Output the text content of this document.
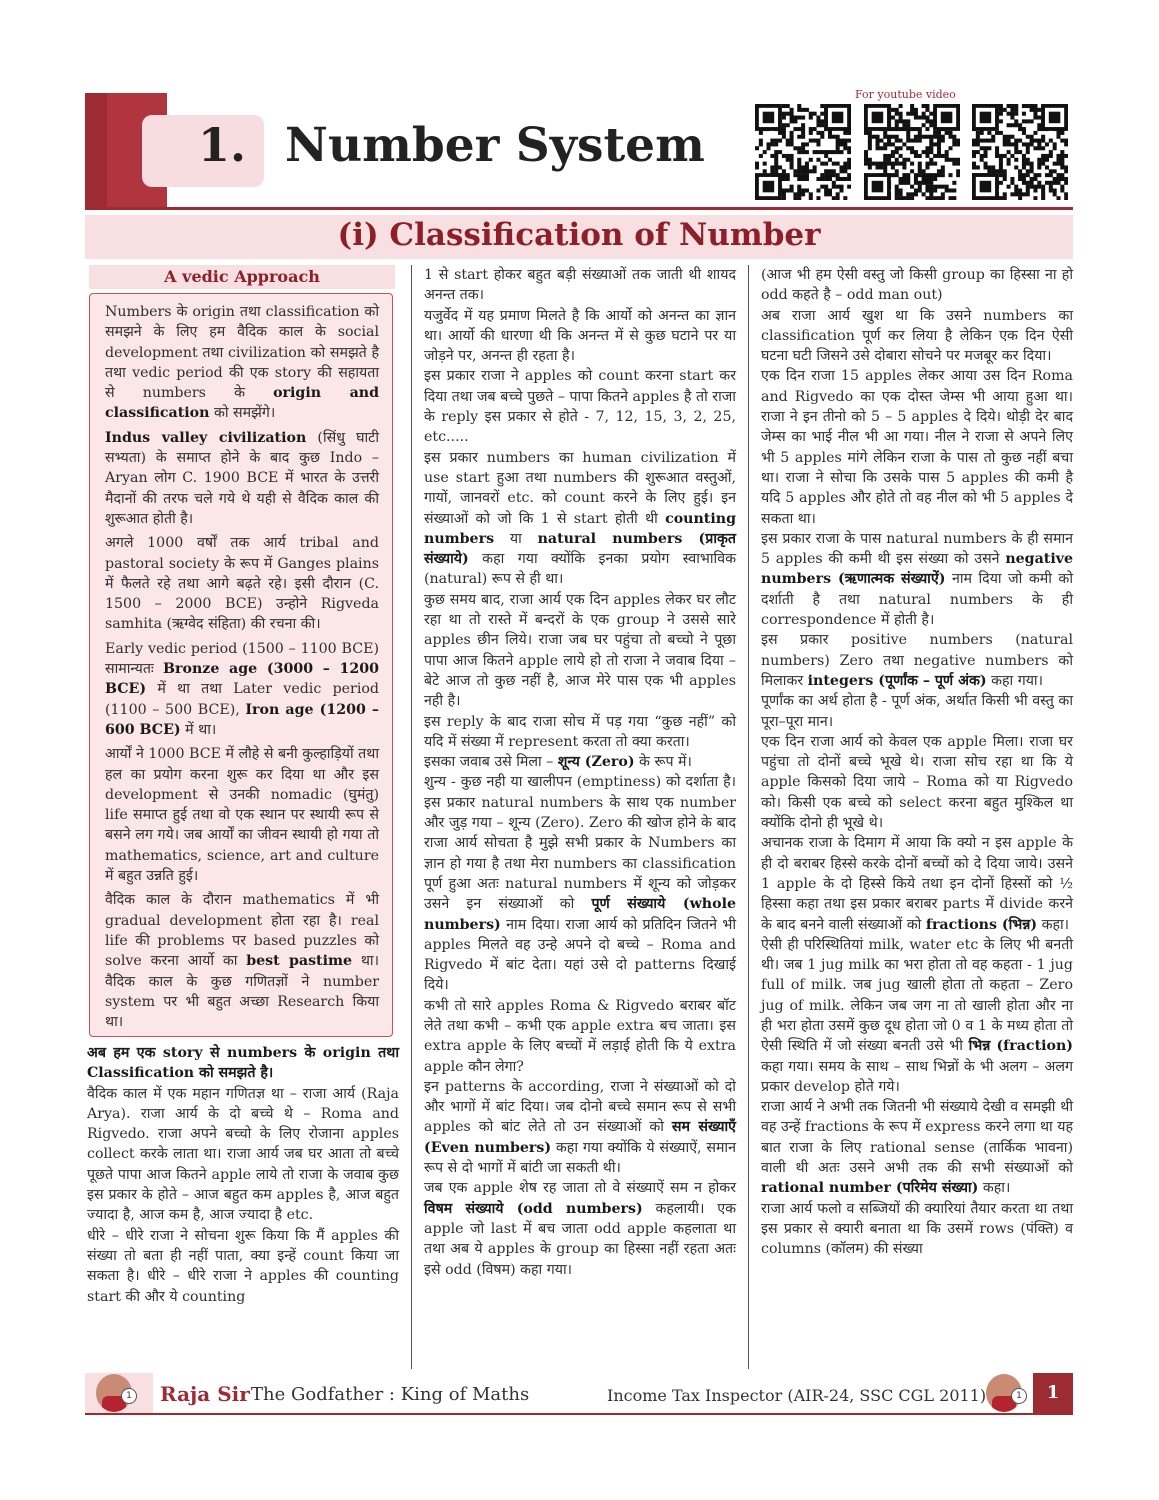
1. Number System
For youtube video
(i) Classification of Number
A vedic Approach

Numbers के origin तथा classification को समझने के लिए हम वैदिक काल के social development तथा civilization को समझते है तथा vedic period की एक story की सहायता से numbers के origin and classification को समझेंगे।

Indus valley civilization (सिंधु घाटी सभ्यता) के समाप्त होने के बाद कुछ Indo – Aryan लोग C. 1900 BCE में भारत के उत्तरी मैदानों की तरफ चले गये थे यही से वैदिक काल की शुरूआत होती है।

अगले 1000 वर्षों तक आर्य tribal and pastoral society के रूप में Ganges plains में फैलते रहे तथा आगे बढ़ते रहे। इसी दौरान (C. 1500 – 2000 BCE) उन्होने Rigveda samhita (ऋग्वेद संहिता) की रचना की।

Early vedic period (1500 – 1100 BCE) सामान्यतः Bronze age (3000 – 1200 BCE) में था तथा Later vedic period (1100 – 500 BCE), Iron age (1200 – 600 BCE) में था।

आर्यों ने 1000 BCE में लौहे से बनी कुल्हाड़ियों तथा हल का प्रयोग करना शुरू कर दिया था और इस development से उनकी nomadic (घुमंतु) life समाप्त हुई तथा वो एक स्थान पर स्थायी रूप से बसने लग गये। जब आर्यों का जीवन स्थायी हो गया तो mathematics, science, art and culture में बहुत उन्नति हुई।

वैदिक काल के दौरान mathematics में भी gradual development होता रहा है। real life की problems पर based puzzles को solve करना आर्यो का best pastime था। वैदिक काल के कुछ गणितज्ञों ने number system पर भी बहुत अच्छा Research किया था।

अब हम एक story से numbers के origin तथा Classification को समझते है।

वैदिक काल में एक महान गणितज्ञ था – राजा आर्य (Raja Arya). राजा आर्य के दो बच्चे थे – Roma and Rigvedo. राजा अपने बच्चो के लिए रोजाना apples collect करके लाता था। राजा आर्य जब घर आता तो बच्चे पूछते पापा आज कितने apple लाये तो राजा के जवाब कुछ इस प्रकार के होते – आज बहुत कम apples है, आज बहुत ज्यादा है, आज कम है, आज ज्यादा है etc.

धीरे – धीरे राजा ने सोचना शुरू किया कि मैं apples की संख्या तो बता ही नहीं पाता, क्या इन्हें count किया जा सकता है। धीरे – धीरे राजा ने apples की counting start की और ये counting

1 से start होकर बहुत बड़ी संख्याओं तक जाती थी शायद अनन्त तक।

यजुर्वेद में यह प्रमाण मिलते है कि आर्यो को अनन्त का ज्ञान था। आर्यो की धारणा थी कि अनन्त में से कुछ घटाने पर या जोड़ने पर, अनन्त ही रहता है।

इस प्रकार राजा ने apples को count करना start कर दिया तथा जब बच्चे पुछते – पापा कितने apples है तो राजा के reply इस प्रकार से होते - 7, 12, 15, 3, 2, 25, etc.....

इस प्रकार numbers का human civilization में use start हुआ तथा numbers की शुरूआत वस्तुओं, गायों, जानवरों etc. को count करने के लिए हुई। इन संख्याओं को जो कि 1 से start होती थी counting numbers या natural numbers (प्राकृत संख्याये) कहा गया क्योंकि इनका प्रयोग स्वाभाविक (natural) रूप से ही था।

कुछ समय बाद, राजा आर्य एक दिन apples लेकर घर लौट रहा था तो रास्ते में बन्दरों के एक group ने उससे सारे apples छीन लिये। राजा जब घर पहुंचा तो बच्चो ने पूछा पापा आज कितने apple लाये हो तो राजा ने जवाब दिया – बेटे आज तो कुछ नहीं है, आज मेरे पास एक भी apples नही है।

इस reply के बाद राजा सोच में पड़ गया “कुछ नहीं” को यदि में संख्या में represent करता तो क्या करता।

इसका जवाब उसे मिला – शून्य (Zero) के रूप में।

शुन्य - कुछ नही या खालीपन (emptiness) को दर्शाता है। इस प्रकार natural numbers के साथ एक number और जुड़ गया – शून्य (Zero). Zero की खोज होने के बाद राजा आर्य सोचता है मुझे सभी प्रकार के Numbers का ज्ञान हो गया है तथा मेरा numbers का classification पूर्ण हुआ अतः natural numbers में शून्य को जोड़कर उसने इन संख्याओं को पूर्ण संख्याये (whole numbers) नाम दिया। राजा आर्य को प्रतिदिन जितने भी apples मिलते वह उन्हे अपने दो बच्चे – Roma and Rigvedo में बांट देता। यहां उसे दो patterns दिखाई दिये।

कभी तो सारे apples Roma & Rigvedo बराबर बॉट लेते तथा कभी – कभी एक apple extra बच जाता। इस extra apple के लिए बच्चों में लड़ाई होती कि ये extra apple कौन लेगा?

इन patterns के according, राजा ने संख्याओं को दो और भागों में बांट दिया। जब दोनो बच्चे समान रूप से सभी apples को बांट लेते तो उन संख्याओं को सम संख्याएँ (Even numbers) कहा गया क्योंकि ये संख्याऐं, समान रूप से दो भागों में बांटी जा सकती थी।

जब एक apple शेष रह जाता तो वे संख्याऐं सम न होकर विषम संख्याये (odd numbers) कहलायी। एक apple जो last में बच जाता odd apple कहलाता था तथा अब ये apples के group का हिस्सा नहीं रहता अतः इसे odd (विषम) कहा गया।

(आज भी हम ऐसी वस्तु जो किसी group का हिस्सा ना हो odd कहते है – odd man out)

अब राजा आर्य खुश था कि उसने numbers का classification पूर्ण कर लिया है लेकिन एक दिन ऐसी घटना घटी जिसने उसे दोबारा सोचने पर मजबूर कर दिया।

एक दिन राजा 15 apples लेकर आया उस दिन Roma and Rigvedo का एक दोस्त जेम्स भी आया हुआ था। राजा ने इन तीनो को 5 – 5 apples दे दिये। थोड़ी देर बाद जेम्स का भाई नील भी आ गया। नील ने राजा से अपने लिए भी 5 apples मांगे लेकिन राजा के पास तो कुछ नहीं बचा था। राजा ने सोचा कि उसके पास 5 apples की कमी है यदि 5 apples और होते तो वह नील को भी 5 apples दे सकता था।

इस प्रकार राजा के पास natural numbers के ही समान 5 apples की कमी थी इस संख्या को उसने negative numbers (ऋणात्मक संख्याऐं) नाम दिया जो कमी को दर्शाती है तथा natural numbers के ही correspondence में होती है।

इस प्रकार positive numbers (natural numbers) Zero तथा negative numbers को मिलाकर integers (पूर्णांक – पूर्ण अंक) कहा गया।

पूर्णांक का अर्थ होता है - पूर्ण अंक, अर्थात किसी भी वस्तु का पूरा–पूरा मान।

एक दिन राजा आर्य को केवल एक apple मिला। राजा घर पहुंचा तो दोनों बच्चे भूखे थे। राजा सोच रहा था कि ये apple किसको दिया जाये – Roma को या Rigvedo को। किसी एक बच्चे को select करना बहुत मुश्किल था क्योंकि दोनो ही भूखे थे।

अचानक राजा के दिमाग में आया कि क्यो न इस apple के ही दो बराबर हिस्से करके दोनों बच्चों को दे दिया जाये। उसने 1 apple के दो हिस्से किये तथा इन दोनों हिस्सों को ½ हिस्सा कहा तथा इस प्रकार बराबर parts में divide करने के बाद बनने वाली संख्याओं को fractions (भिन्न) कहा।

ऐसी ही परिस्थितियां milk, water etc के लिए भी बनती थी। जब 1 jug milk का भरा होता तो वह कहता - 1 jug full of milk. जब jug खाली होता तो कहता – Zero jug of milk. लेकिन जब जग ना तो खाली होता और ना ही भरा होता उसमें कुछ दूध होता जो 0 व 1 के मध्य होता तो ऐसी स्थिति में जो संख्या बनती उसे भी भिन्न (fraction) कहा गया। समय के साथ – साथ भिन्नों के भी अलग – अलग प्रकार develop होते गये।

राजा आर्य ने अभी तक जितनी भी संख्याये देखी व समझी थी वह उन्हें fractions के रूप में express करने लगा था यह बात राजा के लिए rational sense (तार्किक भावना) वाली थी अतः उसने अभी तक की सभी संख्याओं को rational number (परिमेय संख्या) कहा।

राजा आर्य फलो व सब्जियों की क्यारियां तैयार करता था तथा इस प्रकार से क्यारी बनाता था कि उसमें rows (पंक्ति) व columns (कॉलम) की संख्या

1 Raja Sir The Godfather : King of Maths	Income Tax Inspector (AIR-24, SSC CGL 2011)	1	1
